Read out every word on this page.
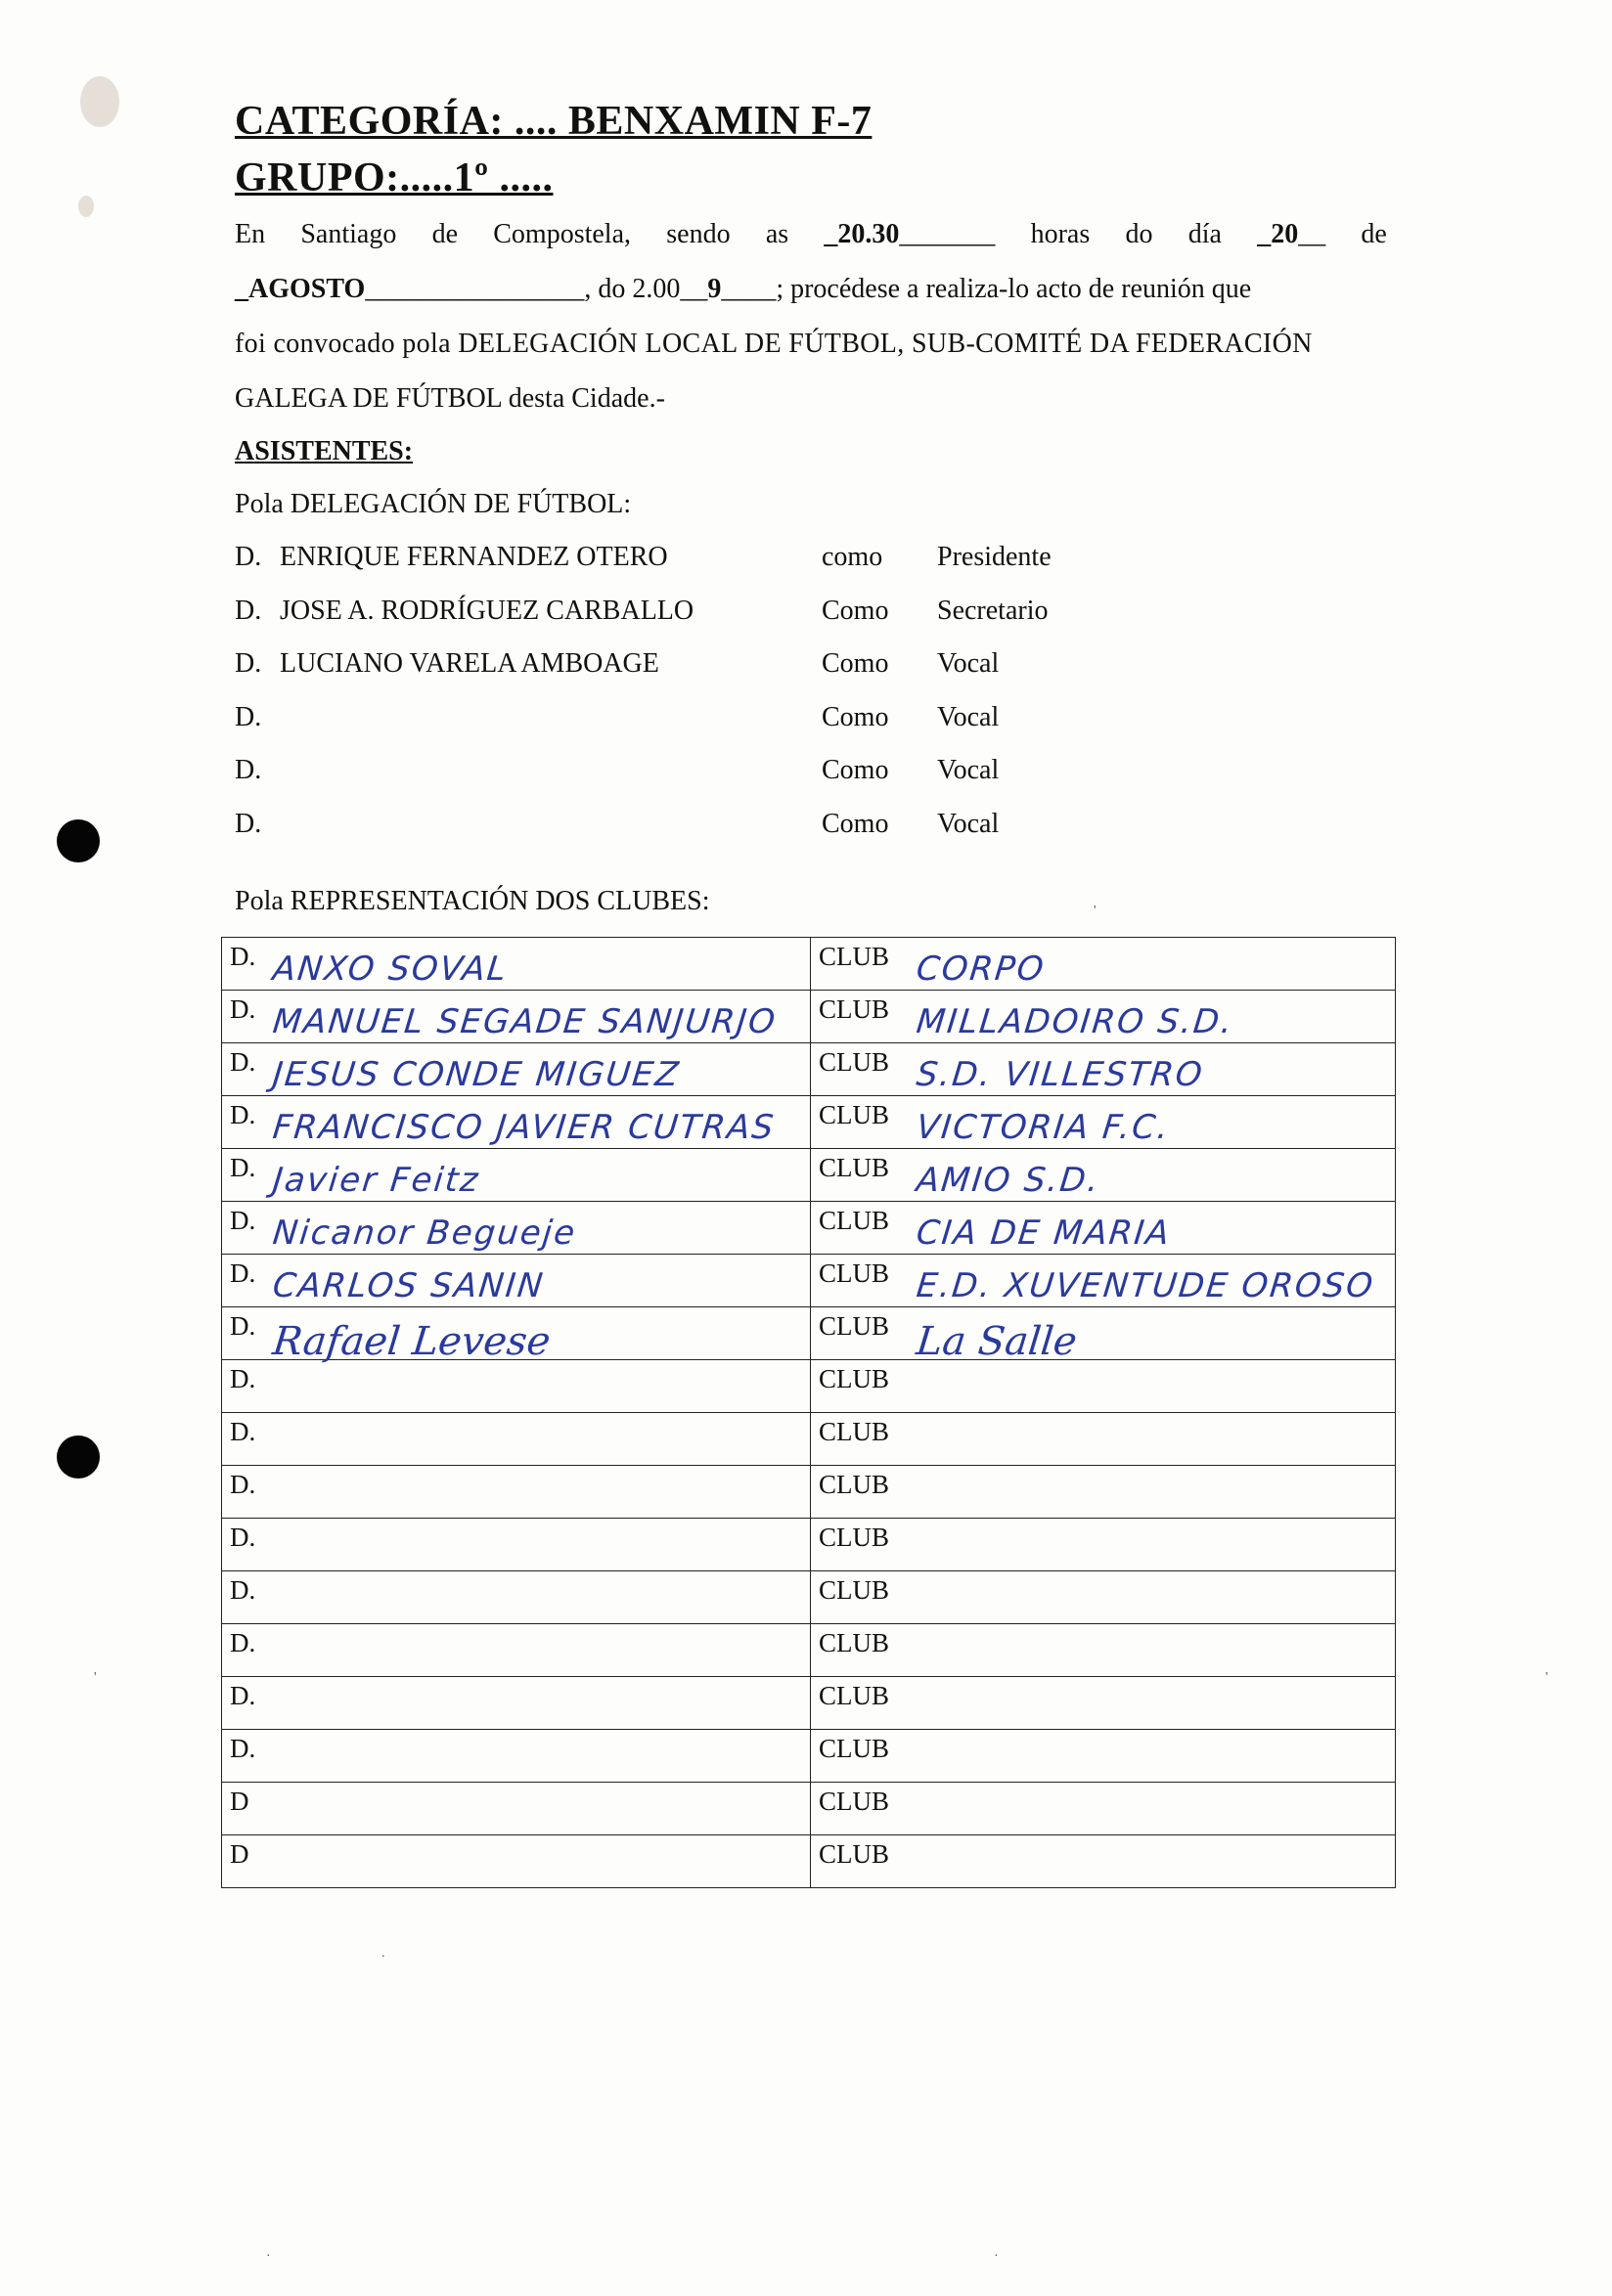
CATEGORÍA: .... BENXAMIN F-7
GRUPO:.....1º .....
En Santiago de Compostela, sendo as _20.30_______ horas do día _20__ de
_AGOSTO________________, do 2.00__9____; procédese a realiza-lo acto de reunión que
foi convocado pola DELEGACIÓN LOCAL DE FÚTBOL, SUB-COMITÉ DA FEDERACIÓN
GALEGA DE FÚTBOL desta Cidade.-
ASISTENTES:
Pola DELEGACIÓN DE FÚTBOL:
D. ENRIQUE FERNANDEZ OTERO	como Presidente
D. JOSE A. RODRÍGUEZ CARBALLO	Como Secretario
D. LUCIANO VARELA AMBOAGE	Como Vocal
D.	Como Vocal
D.	Como Vocal
D.	Como Vocal
Pola REPRESENTACIÓN DOS CLUBES:
D. ANXO SOVAL	CLUB CORPO

D. MANUEL SEGADE SANJURJO	CLUB MILLADOIRO S.D.

D. JESUS CONDE MIGUEZ	CLUB S.D. VILLESTRO

D. FRANCISCO JAVIER CUTRAS	CLUB VICTORIA F.C.

D. Javier Feitz	CLUB AMIO S.D.

D. Nicanor Begueje	CLUB CIA DE MARIA

D. CARLOS SANIN	CLUB E.D. XUVENTUDE OROSO

D. Rafael Levese	CLUB La Salle

D.	CLUB

D.	CLUB

D.	CLUB

D.	CLUB

D.	CLUB

D.	CLUB

D.	CLUB

D.	CLUB

D	CLUB

D	CLUB
'
'	'
.
·	·
